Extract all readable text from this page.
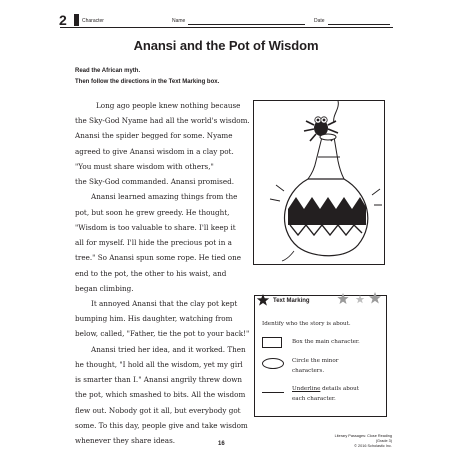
2	Character	Name	Date
Anansi and the Pot of Wisdom
Read the African myth.
Then follow the directions in the Text Marking box.
Long ago people knew nothing because
the Sky-God Nyame had all the world's wisdom.
Anansi the spider begged for some. Nyame
agreed to give Anansi wisdom in a clay pot.
"You must share wisdom with others,"
the Sky-God commanded. Anansi promised.
Anansi learned amazing things from the
pot, but soon he grew greedy. He thought,
"Wisdom is too valuable to share. I'll keep it
all for myself. I'll hide the precious pot in a
tree." So Anansi spun some rope. He tied one
end to the pot, the other to his waist, and
began climbing.
It annoyed Anansi that the clay pot kept
bumping him. His daughter, watching from
below, called, "Father, tie the pot to your back!"
Anansi tried her idea, and it worked. Then
he thought, "I hold all the wisdom, yet my girl
is smarter than I." Anansi angrily threw down
the pot, which smashed to bits. All the wisdom
flew out. Nobody got it all, but everybody got
some. To this day, people give and take wisdom
whenever they share ideas.
Text Marking
Identify who the story is about.
Box the main character.
Circle the minor
characters.
Underline details about
each character.
16
Literary Passages: Close Reading (Grade 3)
© 2016 Scholastic Inc.
